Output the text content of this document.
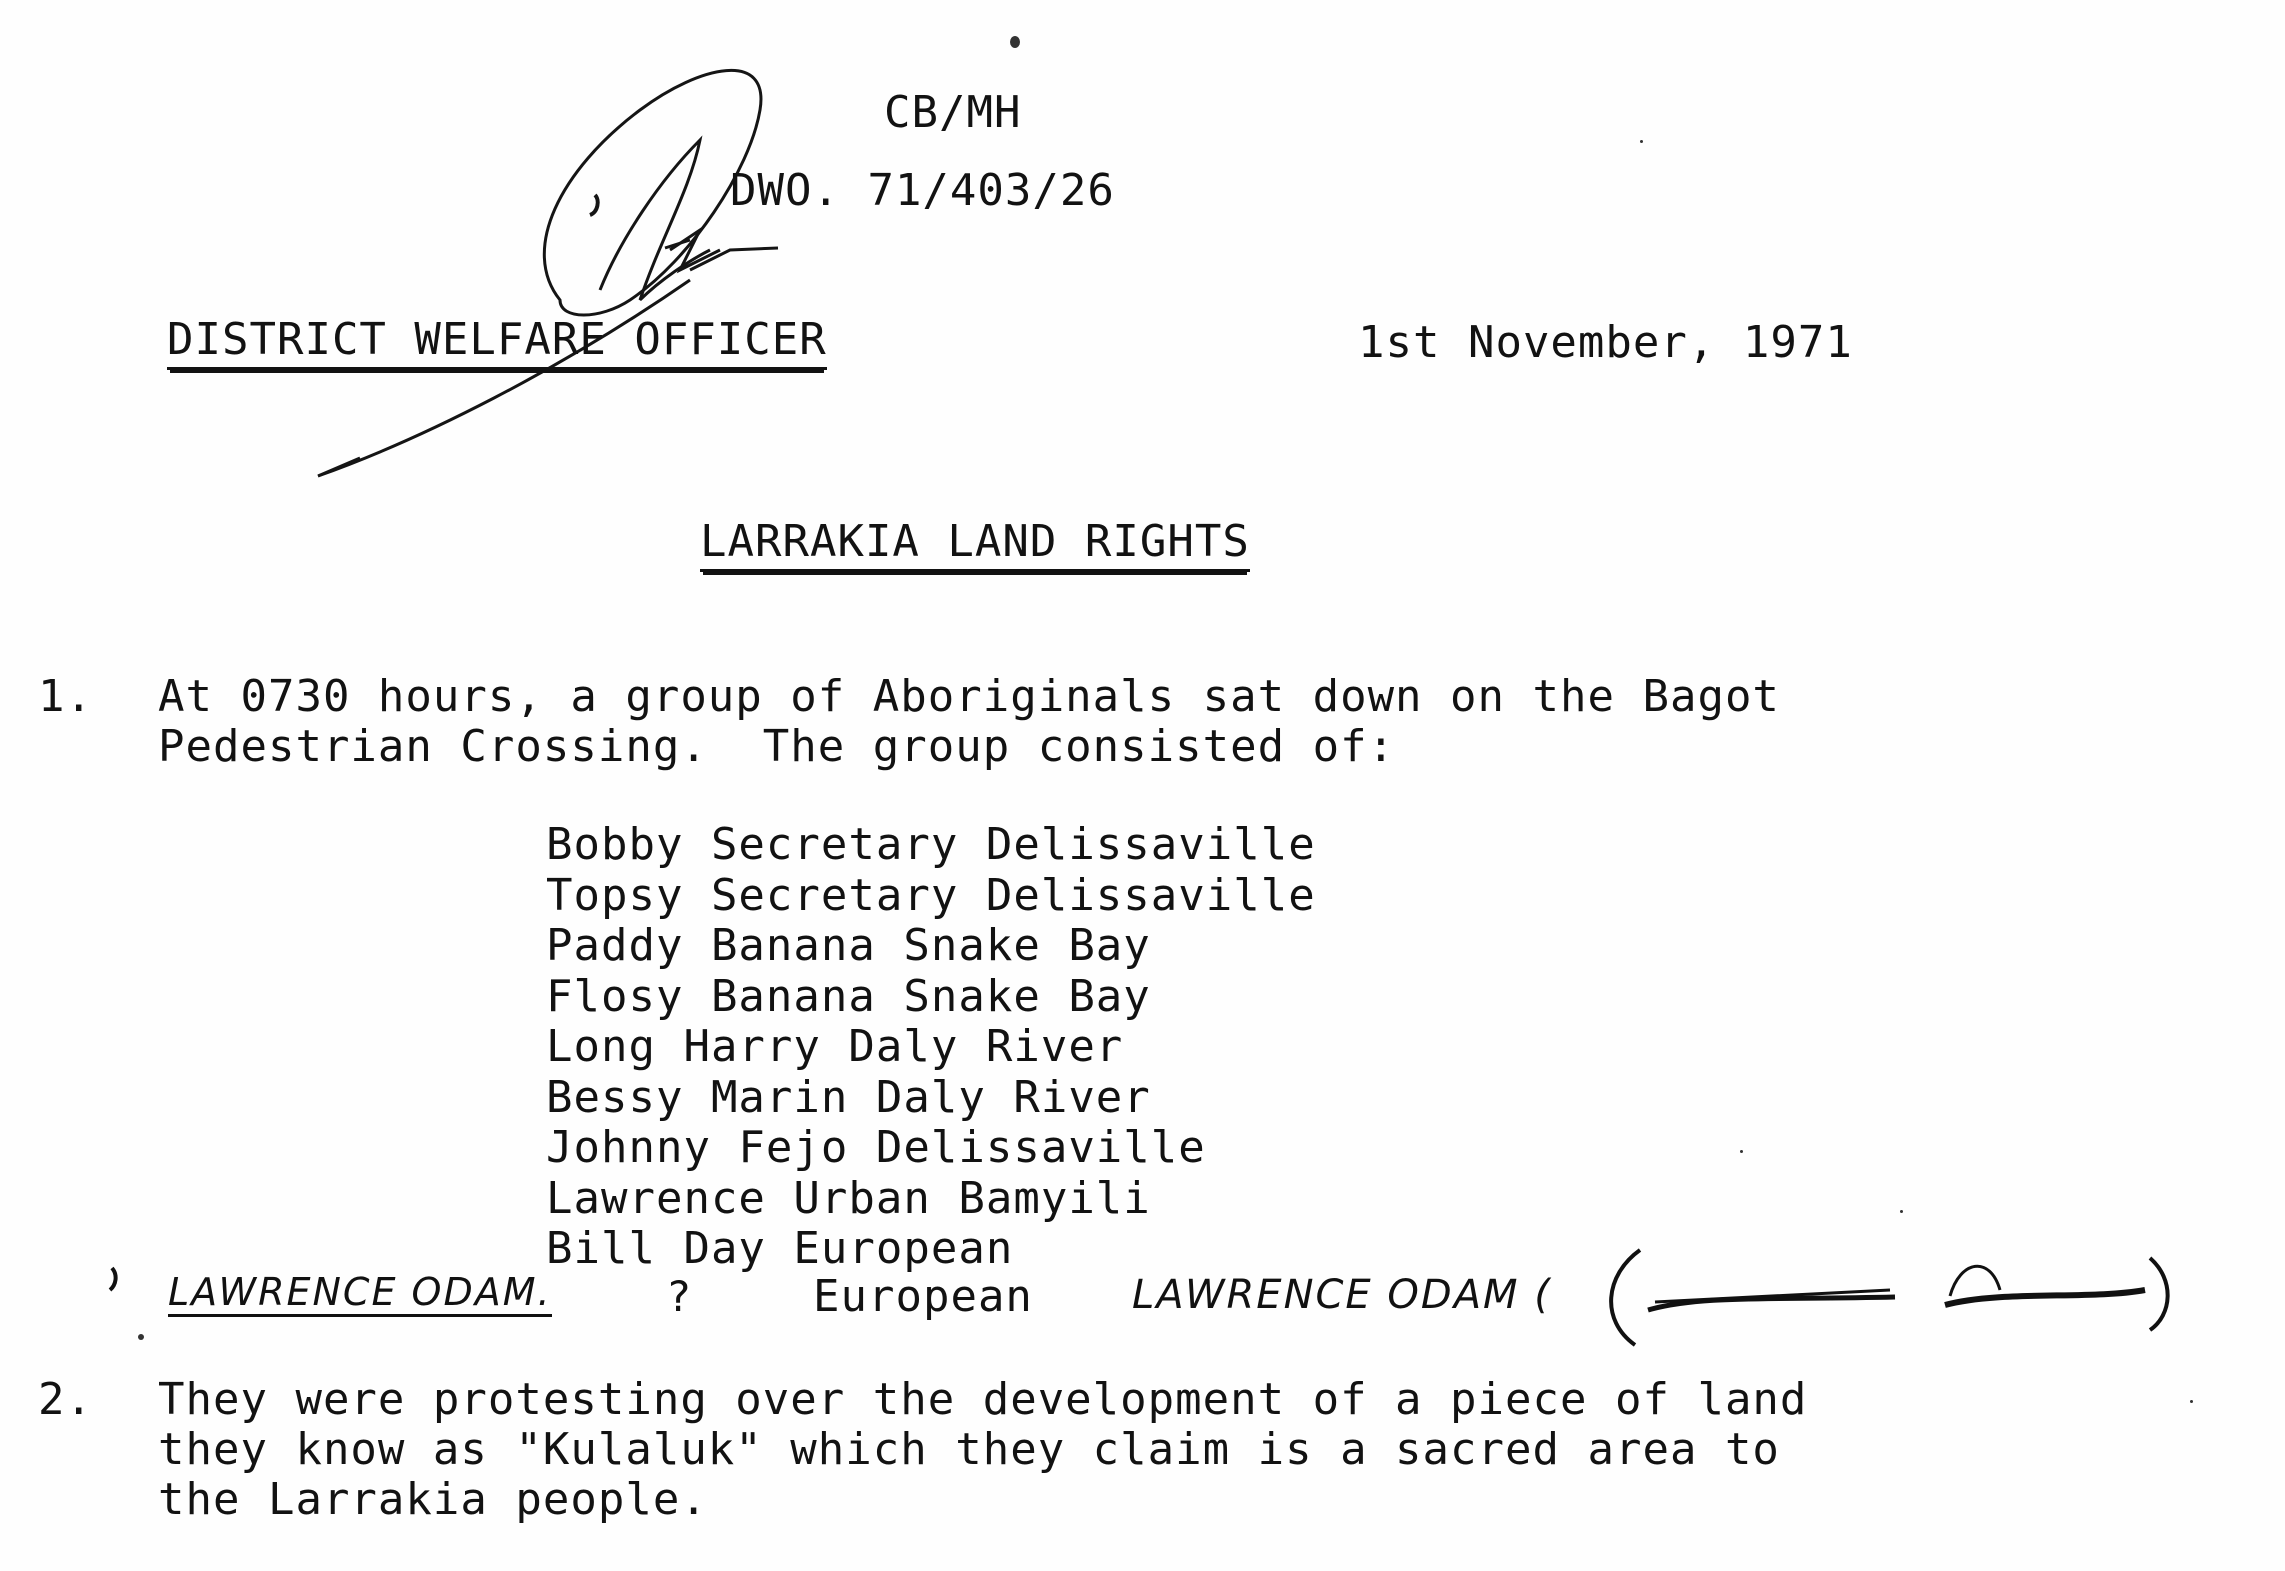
CB/MH
DWO. 71/403/26
DISTRICT WELFARE OFFICER	1st November, 1971
LARRAKIA LAND RIGHTS
1. At 0730 hours, a group of Aboriginals sat down on the Bagot
Pedestrian Crossing.  The group consisted of:
Bobby Secretary Delissaville
Topsy Secretary Delissaville
Paddy Banana Snake Bay
Flosy Banana Snake Bay
Long Harry Daly River
Bessy Marin Daly River
Johnny Fejo Delissaville
Lawrence Urban Bamyili
Bill Day European
LAWRENCE ODAM.	?	European LAWRENCE ODAM (
2. They were protesting over the development of a piece of land
they know as "Kulaluk" which they claim is a sacred area to
the Larrakia people.
